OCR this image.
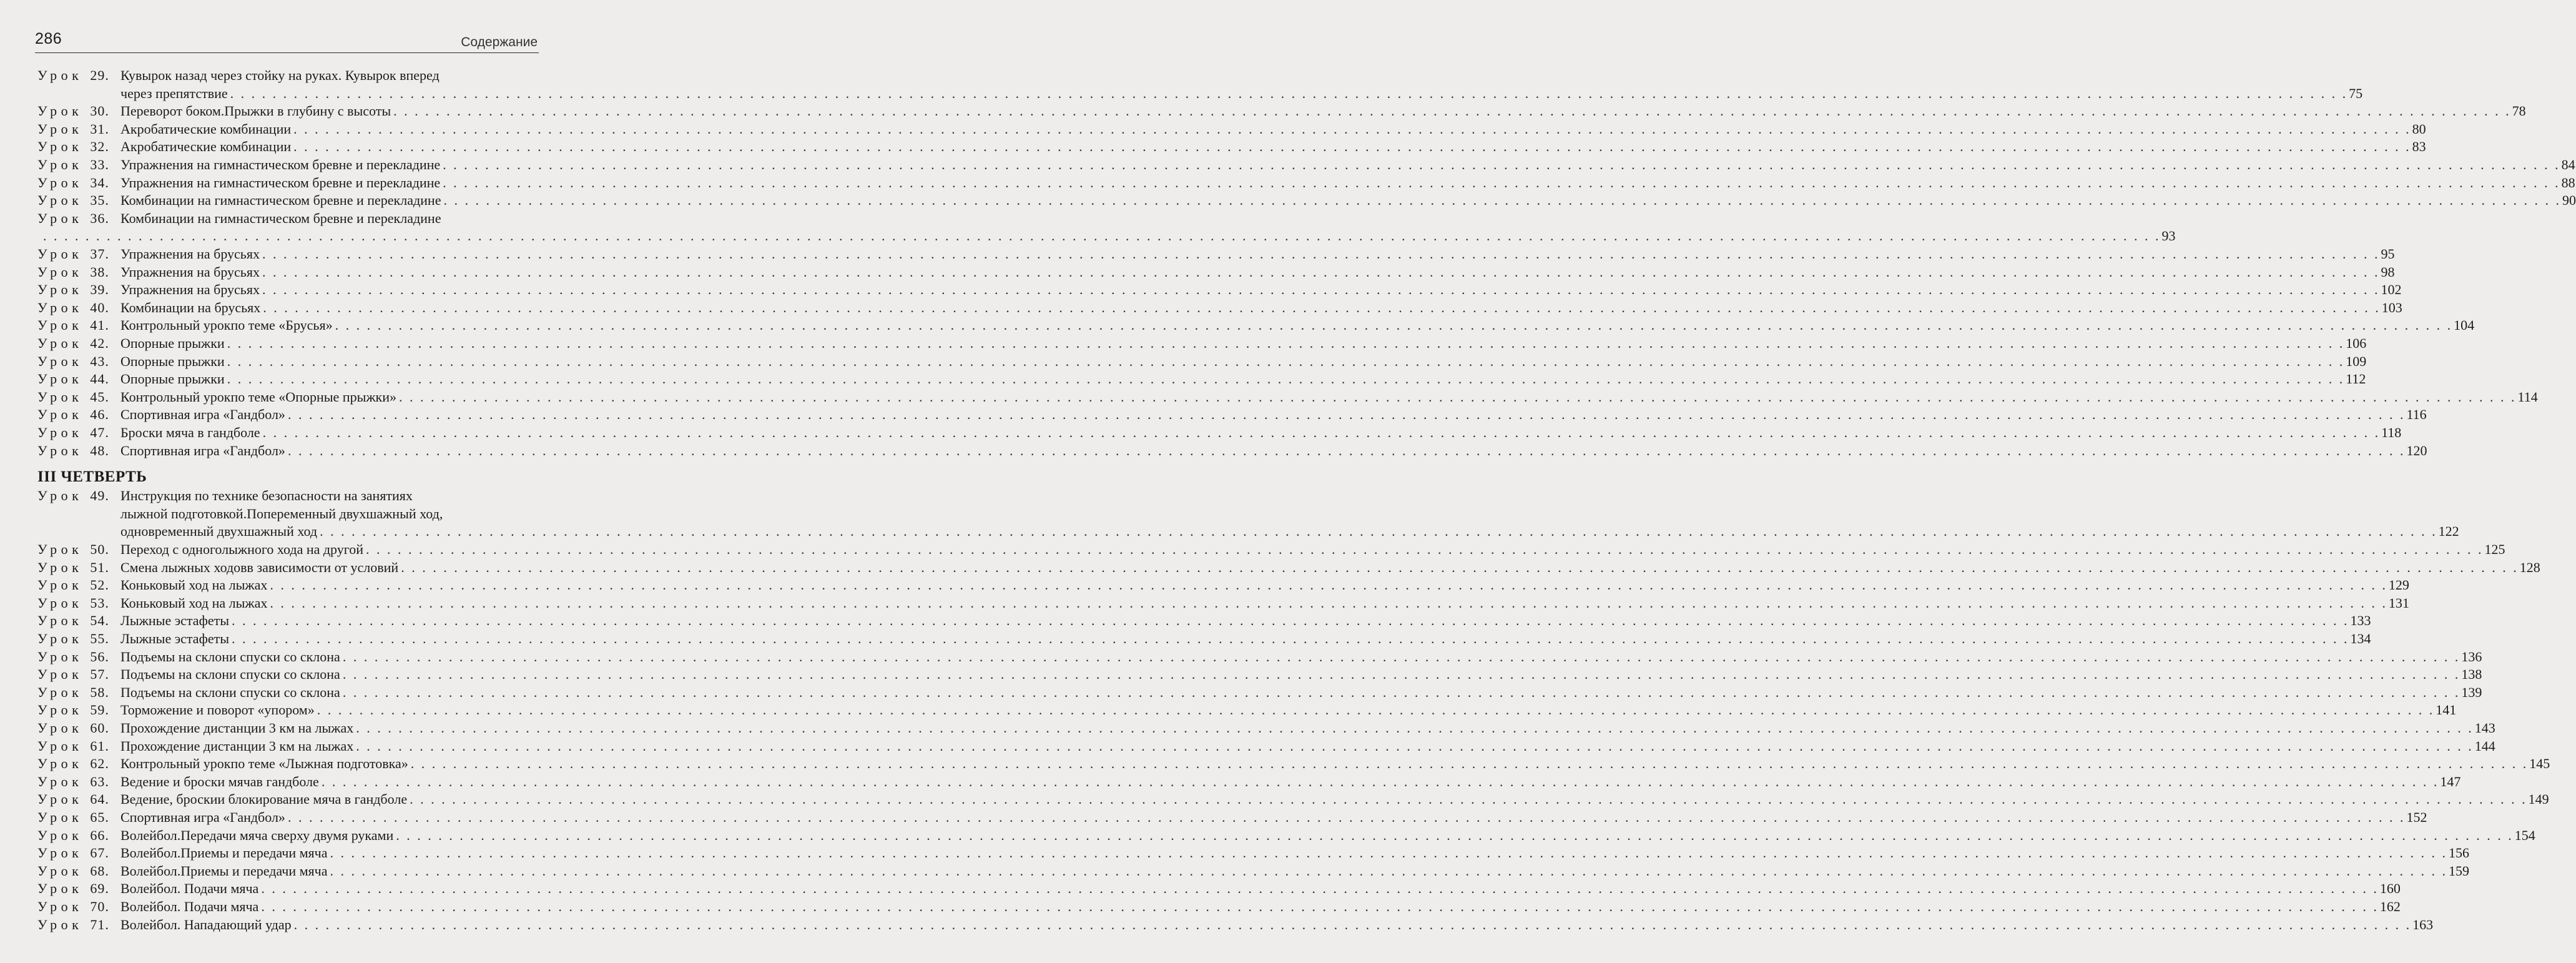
286	Содержание
Урок 29. Кувырок назад через стойку на руках. Кувырок вперед
через препятствие . . . . . . . . . . . . . . . . . . . . . . . . . . . . . . . . . . . . . . . . . . . . . . . . . . . . . . . . . . . . . . . . . . . . . . . . . . . . . . . . . . . . . . . . . . . . . . . . . . . . . . . . . . . . . . . . . . . . . . . . . . . . . . . . . . . . . . . . . . . . . . . . . . . . . . . . . . . . . . . . . . . . . . . . . . . . . . . . . . . . . . . . . . . . . . . . . . . . . . . . 75
Урок 30. Переворот боком.Прыжки в глубину с высоты . . . . . . . . . . . . . . . . . . . . . . . . . . . . . . . . . . . . . . . . . . . . . . . . . . . . . . . . . . . . . . . . . . . . . . . . . . . . . . . . . . . . . . . . . . . . . . . . . . . . . . . . . . . . . . . . . . . . . . . . . . . . . . . . . . . . . . . . . . . . . . . . . . . . . . . . . . . . . . . . . . . . . . . . . . . . . . . . . . . . . . . . . . . . . . . . . . . . . . . . 78
Урок 31. Акробатические комбинации . . . . . . . . . . . . . . . . . . . . . . . . . . . . . . . . . . . . . . . . . . . . . . . . . . . . . . . . . . . . . . . . . . . . . . . . . . . . . . . . . . . . . . . . . . . . . . . . . . . . . . . . . . . . . . . . . . . . . . . . . . . . . . . . . . . . . . . . . . . . . . . . . . . . . . . . . . . . . . . . . . . . . . . . . . . . . . . . . . . . . . . . . . . . . . . . . . . . . . . . 80
Урок 32. Акробатические комбинации . . . . . . . . . . . . . . . . . . . . . . . . . . . . . . . . . . . . . . . . . . . . . . . . . . . . . . . . . . . . . . . . . . . . . . . . . . . . . . . . . . . . . . . . . . . . . . . . . . . . . . . . . . . . . . . . . . . . . . . . . . . . . . . . . . . . . . . . . . . . . . . . . . . . . . . . . . . . . . . . . . . . . . . . . . . . . . . . . . . . . . . . . . . . . . . . . . . . . . . . 83
Урок 33. Упражнения на гимнастическом бревне и перекладине . . . . . . . . . . . . . . . . . . . . . . . . . . . . . . . . . . . . . . . . . . . . . . . . . . . . . . . . . . . . . . . . . . . . . . . . . . . . . . . . . . . . . . . . . . . . . . . . . . . . . . . . . . . . . . . . . . . . . . . . . . . . . . . . . . . . . . . . . . . . . . . . . . . . . . . . . . . . . . . . . . . . . . . . . . . . . . . . . . . . . . . . . . . . . . . . . . . . . . . . 84
Урок 34. Упражнения на гимнастическом бревне и перекладине . . . . . . . . . . . . . . . . . . . . . . . . . . . . . . . . . . . . . . . . . . . . . . . . . . . . . . . . . . . . . . . . . . . . . . . . . . . . . . . . . . . . . . . . . . . . . . . . . . . . . . . . . . . . . . . . . . . . . . . . . . . . . . . . . . . . . . . . . . . . . . . . . . . . . . . . . . . . . . . . . . . . . . . . . . . . . . . . . . . . . . . . . . . . . . . . . . . . . . . . 88
Урок 35. Комбинации на гимнастическом бревне и перекладине . . . . . . . . . . . . . . . . . . . . . . . . . . . . . . . . . . . . . . . . . . . . . . . . . . . . . . . . . . . . . . . . . . . . . . . . . . . . . . . . . . . . . . . . . . . . . . . . . . . . . . . . . . . . . . . . . . . . . . . . . . . . . . . . . . . . . . . . . . . . . . . . . . . . . . . . . . . . . . . . . . . . . . . . . . . . . . . . . . . . . . . . . . . . . . . . . . . . . . . . 90
Урок 36. Комбинации на гимнастическом бревне и перекладине
. . . . . . . . . . . . . . . . . . . . . . . . . . . . . . . . . . . . . . . . . . . . . . . . . . . . . . . . . . . . . . . . . . . . . . . . . . . . . . . . . . . . . . . . . . . . . . . . . . . . . . . . . . . . . . . . . . . . . . . . . . . . . . . . . . . . . . . . . . . . . . . . . . . . . . . . . . . . . . . . . . . . . . . . . . . . . . . . . . . . . . . . . . . . . . . . . . . . . . . . 93
Урок 37. Упражнения на брусьях . . . . . . . . . . . . . . . . . . . . . . . . . . . . . . . . . . . . . . . . . . . . . . . . . . . . . . . . . . . . . . . . . . . . . . . . . . . . . . . . . . . . . . . . . . . . . . . . . . . . . . . . . . . . . . . . . . . . . . . . . . . . . . . . . . . . . . . . . . . . . . . . . . . . . . . . . . . . . . . . . . . . . . . . . . . . . . . . . . . . . . . . . . . . . . . . . . . . . . . . 95
Урок 38. Упражнения на брусьях . . . . . . . . . . . . . . . . . . . . . . . . . . . . . . . . . . . . . . . . . . . . . . . . . . . . . . . . . . . . . . . . . . . . . . . . . . . . . . . . . . . . . . . . . . . . . . . . . . . . . . . . . . . . . . . . . . . . . . . . . . . . . . . . . . . . . . . . . . . . . . . . . . . . . . . . . . . . . . . . . . . . . . . . . . . . . . . . . . . . . . . . . . . . . . . . . . . . . . . . 98
Урок 39. Упражнения на брусьях . . . . . . . . . . . . . . . . . . . . . . . . . . . . . . . . . . . . . . . . . . . . . . . . . . . . . . . . . . . . . . . . . . . . . . . . . . . . . . . . . . . . . . . . . . . . . . . . . . . . . . . . . . . . . . . . . . . . . . . . . . . . . . . . . . . . . . . . . . . . . . . . . . . . . . . . . . . . . . . . . . . . . . . . . . . . . . . . . . . . . . . . . . . . . . . . . . . . . . . . 102
Урок 40. Комбинации на брусьях . . . . . . . . . . . . . . . . . . . . . . . . . . . . . . . . . . . . . . . . . . . . . . . . . . . . . . . . . . . . . . . . . . . . . . . . . . . . . . . . . . . . . . . . . . . . . . . . . . . . . . . . . . . . . . . . . . . . . . . . . . . . . . . . . . . . . . . . . . . . . . . . . . . . . . . . . . . . . . . . . . . . . . . . . . . . . . . . . . . . . . . . . . . . . . . . . . . . . . . . 103
Урок 41. Контрольный урокпо теме «Брусья» . . . . . . . . . . . . . . . . . . . . . . . . . . . . . . . . . . . . . . . . . . . . . . . . . . . . . . . . . . . . . . . . . . . . . . . . . . . . . . . . . . . . . . . . . . . . . . . . . . . . . . . . . . . . . . . . . . . . . . . . . . . . . . . . . . . . . . . . . . . . . . . . . . . . . . . . . . . . . . . . . . . . . . . . . . . . . . . . . . . . . . . . . . . . . . . . . . . . . . . . 104
Урок 42. Опорные прыжки . . . . . . . . . . . . . . . . . . . . . . . . . . . . . . . . . . . . . . . . . . . . . . . . . . . . . . . . . . . . . . . . . . . . . . . . . . . . . . . . . . . . . . . . . . . . . . . . . . . . . . . . . . . . . . . . . . . . . . . . . . . . . . . . . . . . . . . . . . . . . . . . . . . . . . . . . . . . . . . . . . . . . . . . . . . . . . . . . . . . . . . . . . . . . . . . . . . . . . . . 106
Урок 43. Опорные прыжки . . . . . . . . . . . . . . . . . . . . . . . . . . . . . . . . . . . . . . . . . . . . . . . . . . . . . . . . . . . . . . . . . . . . . . . . . . . . . . . . . . . . . . . . . . . . . . . . . . . . . . . . . . . . . . . . . . . . . . . . . . . . . . . . . . . . . . . . . . . . . . . . . . . . . . . . . . . . . . . . . . . . . . . . . . . . . . . . . . . . . . . . . . . . . . . . . . . . . . . . 109
Урок 44. Опорные прыжки . . . . . . . . . . . . . . . . . . . . . . . . . . . . . . . . . . . . . . . . . . . . . . . . . . . . . . . . . . . . . . . . . . . . . . . . . . . . . . . . . . . . . . . . . . . . . . . . . . . . . . . . . . . . . . . . . . . . . . . . . . . . . . . . . . . . . . . . . . . . . . . . . . . . . . . . . . . . . . . . . . . . . . . . . . . . . . . . . . . . . . . . . . . . . . . . . . . . . . . . 112
Урок 45. Контрольный урокпо теме «Опорные прыжки» . . . . . . . . . . . . . . . . . . . . . . . . . . . . . . . . . . . . . . . . . . . . . . . . . . . . . . . . . . . . . . . . . . . . . . . . . . . . . . . . . . . . . . . . . . . . . . . . . . . . . . . . . . . . . . . . . . . . . . . . . . . . . . . . . . . . . . . . . . . . . . . . . . . . . . . . . . . . . . . . . . . . . . . . . . . . . . . . . . . . . . . . . . . . . . . . . . . . . . . . 114
Урок 46. Спортивная игра «Гандбол» . . . . . . . . . . . . . . . . . . . . . . . . . . . . . . . . . . . . . . . . . . . . . . . . . . . . . . . . . . . . . . . . . . . . . . . . . . . . . . . . . . . . . . . . . . . . . . . . . . . . . . . . . . . . . . . . . . . . . . . . . . . . . . . . . . . . . . . . . . . . . . . . . . . . . . . . . . . . . . . . . . . . . . . . . . . . . . . . . . . . . . . . . . . . . . . . . . . . . . . . 116
Урок 47. Броски мяча в гандболе . . . . . . . . . . . . . . . . . . . . . . . . . . . . . . . . . . . . . . . . . . . . . . . . . . . . . . . . . . . . . . . . . . . . . . . . . . . . . . . . . . . . . . . . . . . . . . . . . . . . . . . . . . . . . . . . . . . . . . . . . . . . . . . . . . . . . . . . . . . . . . . . . . . . . . . . . . . . . . . . . . . . . . . . . . . . . . . . . . . . . . . . . . . . . . . . . . . . . . . . 118
Урок 48. Спортивная игра «Гандбол» . . . . . . . . . . . . . . . . . . . . . . . . . . . . . . . . . . . . . . . . . . . . . . . . . . . . . . . . . . . . . . . . . . . . . . . . . . . . . . . . . . . . . . . . . . . . . . . . . . . . . . . . . . . . . . . . . . . . . . . . . . . . . . . . . . . . . . . . . . . . . . . . . . . . . . . . . . . . . . . . . . . . . . . . . . . . . . . . . . . . . . . . . . . . . . . . . . . . . . . . 120
III ЧЕТВЕРТЬ
Урок 49. Инструкция по технике безопасности на занятиях
лыжной подготовкой.Попеременный двухшажный ход,
одновременный двухшажный ход . . . . . . . . . . . . . . . . . . . . . . . . . . . . . . . . . . . . . . . . . . . . . . . . . . . . . . . . . . . . . . . . . . . . . . . . . . . . . . . . . . . . . . . . . . . . . . . . . . . . . . . . . . . . . . . . . . . . . . . . . . . . . . . . . . . . . . . . . . . . . . . . . . . . . . . . . . . . . . . . . . . . . . . . . . . . . . . . . . . . . . . . . . . . . . . . . . . . . . . . 122
Урок 50. Переход с одноголыжного хода на другой . . . . . . . . . . . . . . . . . . . . . . . . . . . . . . . . . . . . . . . . . . . . . . . . . . . . . . . . . . . . . . . . . . . . . . . . . . . . . . . . . . . . . . . . . . . . . . . . . . . . . . . . . . . . . . . . . . . . . . . . . . . . . . . . . . . . . . . . . . . . . . . . . . . . . . . . . . . . . . . . . . . . . . . . . . . . . . . . . . . . . . . . . . . . . . . . . . . . . . . . 125
Урок 51. Смена лыжных ходовв зависимости от условий . . . . . . . . . . . . . . . . . . . . . . . . . . . . . . . . . . . . . . . . . . . . . . . . . . . . . . . . . . . . . . . . . . . . . . . . . . . . . . . . . . . . . . . . . . . . . . . . . . . . . . . . . . . . . . . . . . . . . . . . . . . . . . . . . . . . . . . . . . . . . . . . . . . . . . . . . . . . . . . . . . . . . . . . . . . . . . . . . . . . . . . . . . . . . . . . . . . . . . . . 128
Урок 52. Коньковый ход на лыжах . . . . . . . . . . . . . . . . . . . . . . . . . . . . . . . . . . . . . . . . . . . . . . . . . . . . . . . . . . . . . . . . . . . . . . . . . . . . . . . . . . . . . . . . . . . . . . . . . . . . . . . . . . . . . . . . . . . . . . . . . . . . . . . . . . . . . . . . . . . . . . . . . . . . . . . . . . . . . . . . . . . . . . . . . . . . . . . . . . . . . . . . . . . . . . . . . . . . . . . . 129
Урок 53. Коньковый ход на лыжах . . . . . . . . . . . . . . . . . . . . . . . . . . . . . . . . . . . . . . . . . . . . . . . . . . . . . . . . . . . . . . . . . . . . . . . . . . . . . . . . . . . . . . . . . . . . . . . . . . . . . . . . . . . . . . . . . . . . . . . . . . . . . . . . . . . . . . . . . . . . . . . . . . . . . . . . . . . . . . . . . . . . . . . . . . . . . . . . . . . . . . . . . . . . . . . . . . . . . . . . 131
Урок 54. Лыжные эстафеты . . . . . . . . . . . . . . . . . . . . . . . . . . . . . . . . . . . . . . . . . . . . . . . . . . . . . . . . . . . . . . . . . . . . . . . . . . . . . . . . . . . . . . . . . . . . . . . . . . . . . . . . . . . . . . . . . . . . . . . . . . . . . . . . . . . . . . . . . . . . . . . . . . . . . . . . . . . . . . . . . . . . . . . . . . . . . . . . . . . . . . . . . . . . . . . . . . . . . . . . 133
Урок 55. Лыжные эстафеты . . . . . . . . . . . . . . . . . . . . . . . . . . . . . . . . . . . . . . . . . . . . . . . . . . . . . . . . . . . . . . . . . . . . . . . . . . . . . . . . . . . . . . . . . . . . . . . . . . . . . . . . . . . . . . . . . . . . . . . . . . . . . . . . . . . . . . . . . . . . . . . . . . . . . . . . . . . . . . . . . . . . . . . . . . . . . . . . . . . . . . . . . . . . . . . . . . . . . . . . 134
Урок 56. Подъемы на склони спуски со склона . . . . . . . . . . . . . . . . . . . . . . . . . . . . . . . . . . . . . . . . . . . . . . . . . . . . . . . . . . . . . . . . . . . . . . . . . . . . . . . . . . . . . . . . . . . . . . . . . . . . . . . . . . . . . . . . . . . . . . . . . . . . . . . . . . . . . . . . . . . . . . . . . . . . . . . . . . . . . . . . . . . . . . . . . . . . . . . . . . . . . . . . . . . . . . . . . . . . . . . . 136
Урок 57. Подъемы на склони спуски со склона . . . . . . . . . . . . . . . . . . . . . . . . . . . . . . . . . . . . . . . . . . . . . . . . . . . . . . . . . . . . . . . . . . . . . . . . . . . . . . . . . . . . . . . . . . . . . . . . . . . . . . . . . . . . . . . . . . . . . . . . . . . . . . . . . . . . . . . . . . . . . . . . . . . . . . . . . . . . . . . . . . . . . . . . . . . . . . . . . . . . . . . . . . . . . . . . . . . . . . . . 138
Урок 58. Подъемы на склони спуски со склона . . . . . . . . . . . . . . . . . . . . . . . . . . . . . . . . . . . . . . . . . . . . . . . . . . . . . . . . . . . . . . . . . . . . . . . . . . . . . . . . . . . . . . . . . . . . . . . . . . . . . . . . . . . . . . . . . . . . . . . . . . . . . . . . . . . . . . . . . . . . . . . . . . . . . . . . . . . . . . . . . . . . . . . . . . . . . . . . . . . . . . . . . . . . . . . . . . . . . . . . 139
Урок 59. Торможение и поворот «упором» . . . . . . . . . . . . . . . . . . . . . . . . . . . . . . . . . . . . . . . . . . . . . . . . . . . . . . . . . . . . . . . . . . . . . . . . . . . . . . . . . . . . . . . . . . . . . . . . . . . . . . . . . . . . . . . . . . . . . . . . . . . . . . . . . . . . . . . . . . . . . . . . . . . . . . . . . . . . . . . . . . . . . . . . . . . . . . . . . . . . . . . . . . . . . . . . . . . . . . . . 141
Урок 60. Прохождение дистанции 3 км на лыжах . . . . . . . . . . . . . . . . . . . . . . . . . . . . . . . . . . . . . . . . . . . . . . . . . . . . . . . . . . . . . . . . . . . . . . . . . . . . . . . . . . . . . . . . . . . . . . . . . . . . . . . . . . . . . . . . . . . . . . . . . . . . . . . . . . . . . . . . . . . . . . . . . . . . . . . . . . . . . . . . . . . . . . . . . . . . . . . . . . . . . . . . . . . . . . . . . . . . . . . . 143
Урок 61. Прохождение дистанции 3 км на лыжах . . . . . . . . . . . . . . . . . . . . . . . . . . . . . . . . . . . . . . . . . . . . . . . . . . . . . . . . . . . . . . . . . . . . . . . . . . . . . . . . . . . . . . . . . . . . . . . . . . . . . . . . . . . . . . . . . . . . . . . . . . . . . . . . . . . . . . . . . . . . . . . . . . . . . . . . . . . . . . . . . . . . . . . . . . . . . . . . . . . . . . . . . . . . . . . . . . . . . . . . 144
Урок 62. Контрольный урокпо теме «Лыжная подготовка» . . . . . . . . . . . . . . . . . . . . . . . . . . . . . . . . . . . . . . . . . . . . . . . . . . . . . . . . . . . . . . . . . . . . . . . . . . . . . . . . . . . . . . . . . . . . . . . . . . . . . . . . . . . . . . . . . . . . . . . . . . . . . . . . . . . . . . . . . . . . . . . . . . . . . . . . . . . . . . . . . . . . . . . . . . . . . . . . . . . . . . . . . . . . . . . . . . . . . . . . 145
Урок 63. Ведение и броски мячав гандболе . . . . . . . . . . . . . . . . . . . . . . . . . . . . . . . . . . . . . . . . . . . . . . . . . . . . . . . . . . . . . . . . . . . . . . . . . . . . . . . . . . . . . . . . . . . . . . . . . . . . . . . . . . . . . . . . . . . . . . . . . . . . . . . . . . . . . . . . . . . . . . . . . . . . . . . . . . . . . . . . . . . . . . . . . . . . . . . . . . . . . . . . . . . . . . . . . . . . . . . . 147
Урок 64. Ведение, броскии блокирование мяча в гандболе . . . . . . . . . . . . . . . . . . . . . . . . . . . . . . . . . . . . . . . . . . . . . . . . . . . . . . . . . . . . . . . . . . . . . . . . . . . . . . . . . . . . . . . . . . . . . . . . . . . . . . . . . . . . . . . . . . . . . . . . . . . . . . . . . . . . . . . . . . . . . . . . . . . . . . . . . . . . . . . . . . . . . . . . . . . . . . . . . . . . . . . . . . . . . . . . . . . . . . . . 149
Урок 65. Спортивная игра «Гандбол» . . . . . . . . . . . . . . . . . . . . . . . . . . . . . . . . . . . . . . . . . . . . . . . . . . . . . . . . . . . . . . . . . . . . . . . . . . . . . . . . . . . . . . . . . . . . . . . . . . . . . . . . . . . . . . . . . . . . . . . . . . . . . . . . . . . . . . . . . . . . . . . . . . . . . . . . . . . . . . . . . . . . . . . . . . . . . . . . . . . . . . . . . . . . . . . . . . . . . . . . 152
Урок 66. Волейбол.Передачи мяча сверху двумя руками . . . . . . . . . . . . . . . . . . . . . . . . . . . . . . . . . . . . . . . . . . . . . . . . . . . . . . . . . . . . . . . . . . . . . . . . . . . . . . . . . . . . . . . . . . . . . . . . . . . . . . . . . . . . . . . . . . . . . . . . . . . . . . . . . . . . . . . . . . . . . . . . . . . . . . . . . . . . . . . . . . . . . . . . . . . . . . . . . . . . . . . . . . . . . . . . . . . . . . . . 154
Урок 67. Волейбол.Приемы и передачи мяча . . . . . . . . . . . . . . . . . . . . . . . . . . . . . . . . . . . . . . . . . . . . . . . . . . . . . . . . . . . . . . . . . . . . . . . . . . . . . . . . . . . . . . . . . . . . . . . . . . . . . . . . . . . . . . . . . . . . . . . . . . . . . . . . . . . . . . . . . . . . . . . . . . . . . . . . . . . . . . . . . . . . . . . . . . . . . . . . . . . . . . . . . . . . . . . . . . . . . . . . 156
Урок 68. Волейбол.Приемы и передачи мяча . . . . . . . . . . . . . . . . . . . . . . . . . . . . . . . . . . . . . . . . . . . . . . . . . . . . . . . . . . . . . . . . . . . . . . . . . . . . . . . . . . . . . . . . . . . . . . . . . . . . . . . . . . . . . . . . . . . . . . . . . . . . . . . . . . . . . . . . . . . . . . . . . . . . . . . . . . . . . . . . . . . . . . . . . . . . . . . . . . . . . . . . . . . . . . . . . . . . . . . . 159
Урок 69. Волейбол. Подачи мяча . . . . . . . . . . . . . . . . . . . . . . . . . . . . . . . . . . . . . . . . . . . . . . . . . . . . . . . . . . . . . . . . . . . . . . . . . . . . . . . . . . . . . . . . . . . . . . . . . . . . . . . . . . . . . . . . . . . . . . . . . . . . . . . . . . . . . . . . . . . . . . . . . . . . . . . . . . . . . . . . . . . . . . . . . . . . . . . . . . . . . . . . . . . . . . . . . . . . . . . . 160
Урок 70. Волейбол. Подачи мяча . . . . . . . . . . . . . . . . . . . . . . . . . . . . . . . . . . . . . . . . . . . . . . . . . . . . . . . . . . . . . . . . . . . . . . . . . . . . . . . . . . . . . . . . . . . . . . . . . . . . . . . . . . . . . . . . . . . . . . . . . . . . . . . . . . . . . . . . . . . . . . . . . . . . . . . . . . . . . . . . . . . . . . . . . . . . . . . . . . . . . . . . . . . . . . . . . . . . . . . . 162
Урок 71. Волейбол. Нападающий удар . . . . . . . . . . . . . . . . . . . . . . . . . . . . . . . . . . . . . . . . . . . . . . . . . . . . . . . . . . . . . . . . . . . . . . . . . . . . . . . . . . . . . . . . . . . . . . . . . . . . . . . . . . . . . . . . . . . . . . . . . . . . . . . . . . . . . . . . . . . . . . . . . . . . . . . . . . . . . . . . . . . . . . . . . . . . . . . . . . . . . . . . . . . . . . . . . . . . . . . . 163
